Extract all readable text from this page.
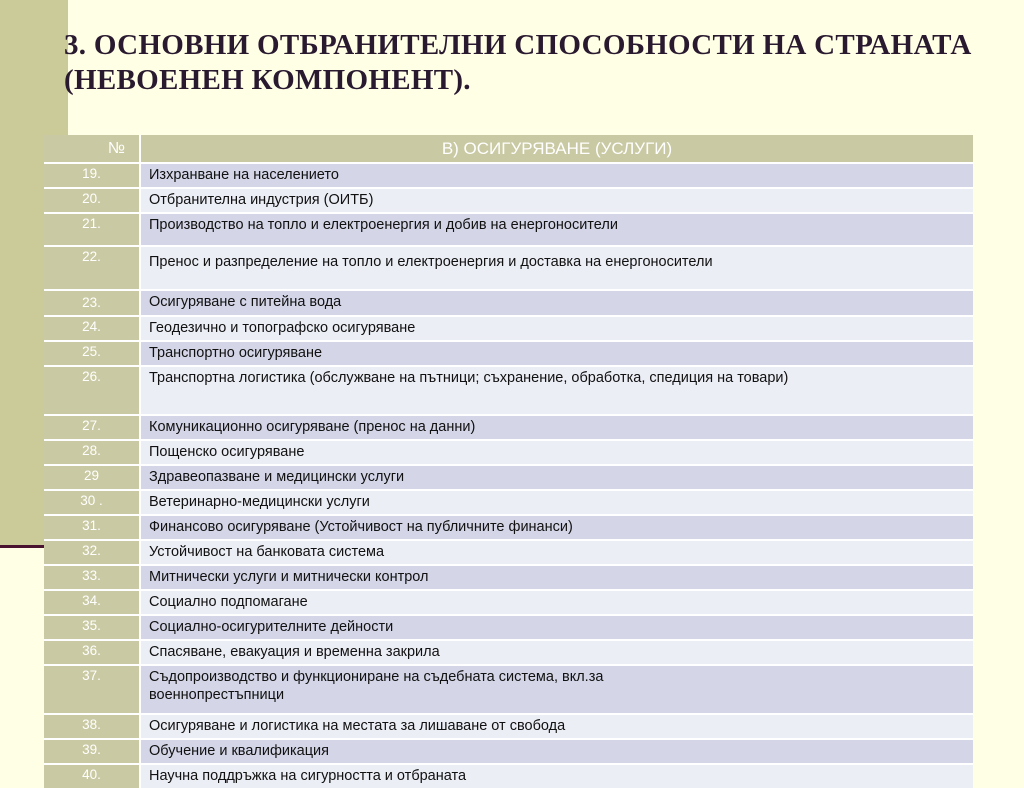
3. ОСНОВНИ ОТБРАНИТЕЛНИ СПОСОБНОСТИ НА СТРАНАТА (НЕВОЕНЕН КОМПОНЕНТ).
№	В) ОСИГУРЯВАНЕ (УСЛУГИ)
19.	Изхранване на населението
20.	Отбранителна индустрия (ОИТБ)
21.	Производство на топло и електроенергия и добив на енергоносители
22.	Пренос и разпределение на топло и електроенергия и доставка на енергоносители
23.	Осигуряване с питейна вода
24.	Геодезично и топографско осигуряване
25.	Транспортно осигуряване
26.	Транспортна логистика (обслужване на пътници; съхранение, обработка, спедиция на товари)
27.	Комуникационно осигуряване (пренос на данни)
28.	Пощенско осигуряване
29	Здравеопазване и медицински услуги
30 .	Ветеринарно-медицински услуги
31.	Финансово осигуряване (Устойчивост на публичните финанси)
32.	Устойчивост на банковата система
33.	Митнически услуги и митнически контрол
34.	Социално подпомагане
35.	Социално-осигурителните дейности
36.	Спасяване, евакуация и временна закрила
37.	Съдопроизводство и функциониране на съдебната система, вкл.за военнопрестъпници
38.	Осигуряване и логистика на местата за лишаване от свобода
39.	Обучение и квалификация
40.	Научна поддръжка на сигурността и отбраната
